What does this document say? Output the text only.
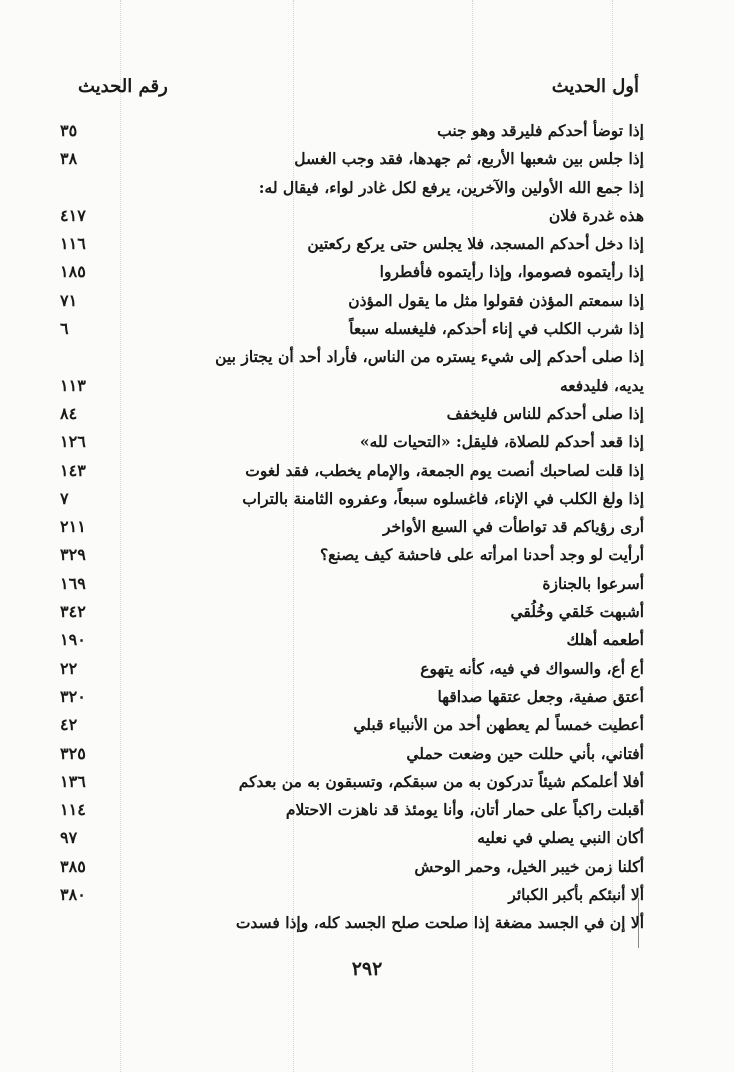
أول الحديث
رقم الحديث
إذا توضأ أحدكم فليرقد وهو جنب
٣٥
إذا جلس بين شعبها الأربع، ثم جهدها، فقد وجب الغسل
٣٨
إذا جمع الله الأولين والآخرين، يرفع لكل غادر لواء، فيقال له:
هذه غدرة فلان
٤١٧
إذا دخل أحدكم المسجد، فلا يجلس حتى يركع ركعتين
١١٦
إذا رأيتموه فصوموا، وإذا رأيتموه فأفطروا
١٨٥
إذا سمعتم المؤذن فقولوا مثل ما يقول المؤذن
٧١
إذا شرب الكلب في إناء أحدكم، فليغسله سبعاً
٦
إذا صلى أحدكم إلى شيء يستره من الناس، فأراد أحد أن يجتاز بين
يديه، فليدفعه
١١٣
إذا صلى أحدكم للناس فليخفف
٨٤
إذا قعد أحدكم للصلاة، فليقل: «التحيات لله»
١٢٦
إذا قلت لصاحبك أنصت يوم الجمعة، والإمام يخطب، فقد لغوت
١٤٣
إذا ولغ الكلب في الإناء، فاغسلوه سبعاً، وعفروه الثامنة بالتراب
٧
أرى رؤياكم قد تواطأت في السبع الأواخر
٢١١
أرأيت لو وجد أحدنا امرأته على فاحشة كيف يصنع؟
٣٢٩
أسرعوا بالجنازة
١٦٩
أشبهت خَلقي وخُلُقي
٣٤٢
أطعمه أهلك
١٩٠
أع أع، والسواك في فيه، كأنه يتهوع
٢٢
أعتق صفية، وجعل عتقها صداقها
٣٢٠
أعطيت خمساً لم يعطهن أحد من الأنبياء قبلي
٤٢
أفتاني، بأني حللت حين وضعت حملي
٣٢٥
أفلا أعلمكم شيئاً تدركون به من سبقكم، وتسبقون به من بعدكم
١٣٦
أقبلت راكباً على حمار أتان، وأنا يومئذ قد ناهزت الاحتلام
١١٤
أكان النبي يصلي في نعليه
٩٧
أكلنا زمن خيبر الخيل، وحمر الوحش
٣٨٥
ألا أنبئكم بأكبر الكبائر
٣٨٠
ألا إن في الجسد مضغة إذا صلحت صلح الجسد كله، وإذا فسدت
٢٩٢
